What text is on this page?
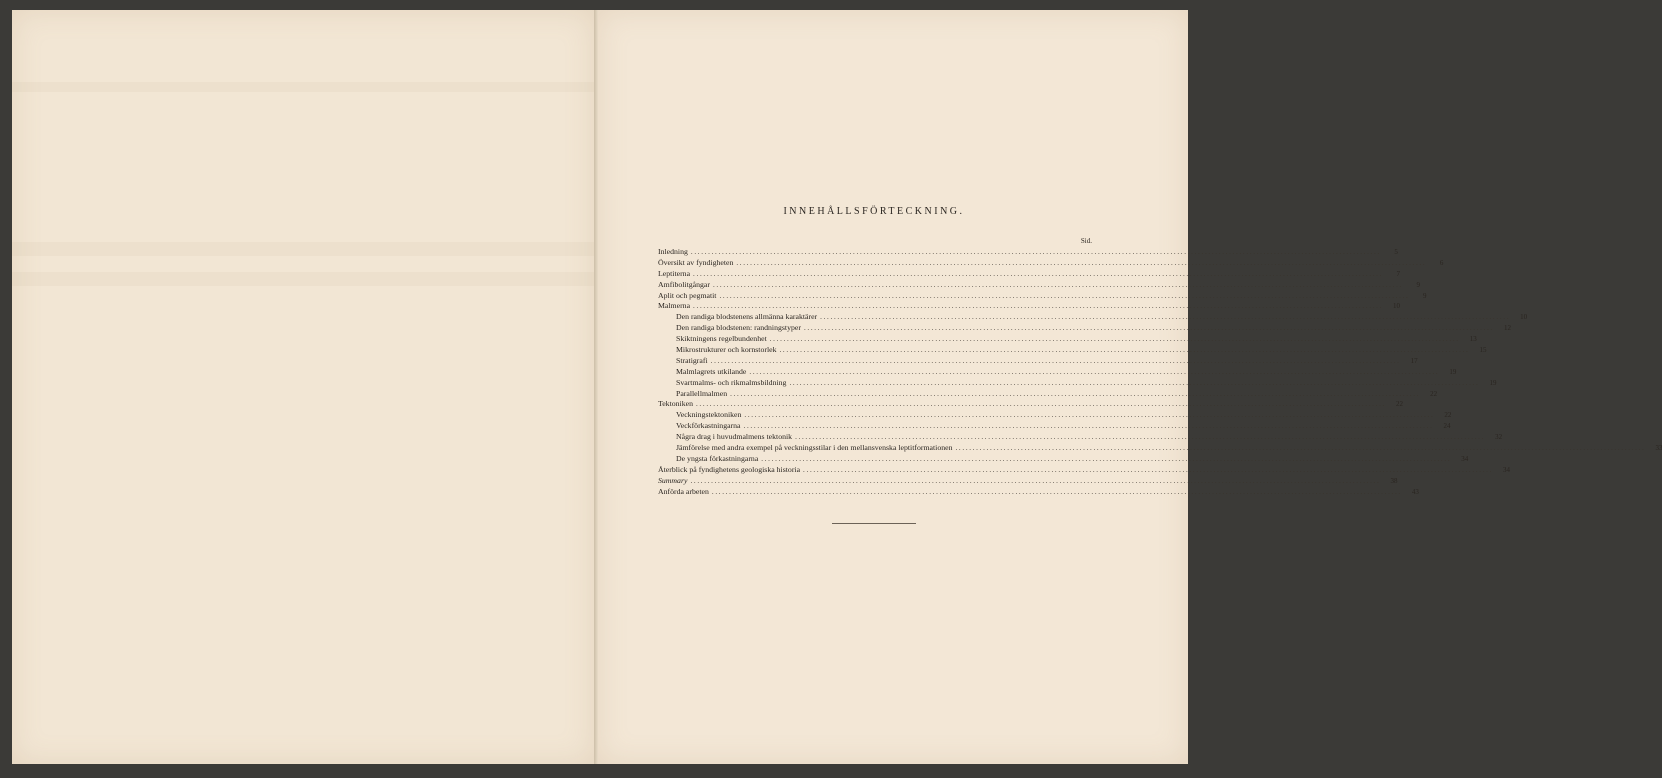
INNEHÅLLSFÖRTECKNING.
Sid.
Inledning ........................................................................................................................................................................................................	5
Översikt av fyndigheten ........................................................................................................................................................................................................	6
Leptiterna ........................................................................................................................................................................................................	7
Amfibolitgångar ........................................................................................................................................................................................................	9
Aplit och pegmatit ........................................................................................................................................................................................................	9
Malmerna ........................................................................................................................................................................................................	10
Den randiga blodstenens allmänna karaktärer ........................................................................................................................................................................................................	10
Den randiga blodstenen: randningstyper ........................................................................................................................................................................................................	12
Skiktningens regelbundenhet ........................................................................................................................................................................................................	13
Mikrostrukturer och kornstorlek ........................................................................................................................................................................................................	15
Stratigrafi ........................................................................................................................................................................................................	17
Malmlagrets utkilande ........................................................................................................................................................................................................	19
Svartmalms- och rikmalmsbildning ........................................................................................................................................................................................................	19
Parallellmalmen ........................................................................................................................................................................................................	22
Tektoniken ........................................................................................................................................................................................................	22
Veckningstektoniken ........................................................................................................................................................................................................	22
Veckförkastningarna ........................................................................................................................................................................................................	24
Några drag i huvudmalmens tektonik ........................................................................................................................................................................................................	32
Jämförelse med andra exempel på veckningsstilar i den mellansvenska leptitformationen ........................................................................................................................................................................................................	33
De yngsta förkastningarna ........................................................................................................................................................................................................	34
Återblick på fyndighetens geologiska historia ........................................................................................................................................................................................................	34
Summary ........................................................................................................................................................................................................	38
Anförda arbeten ........................................................................................................................................................................................................	43
